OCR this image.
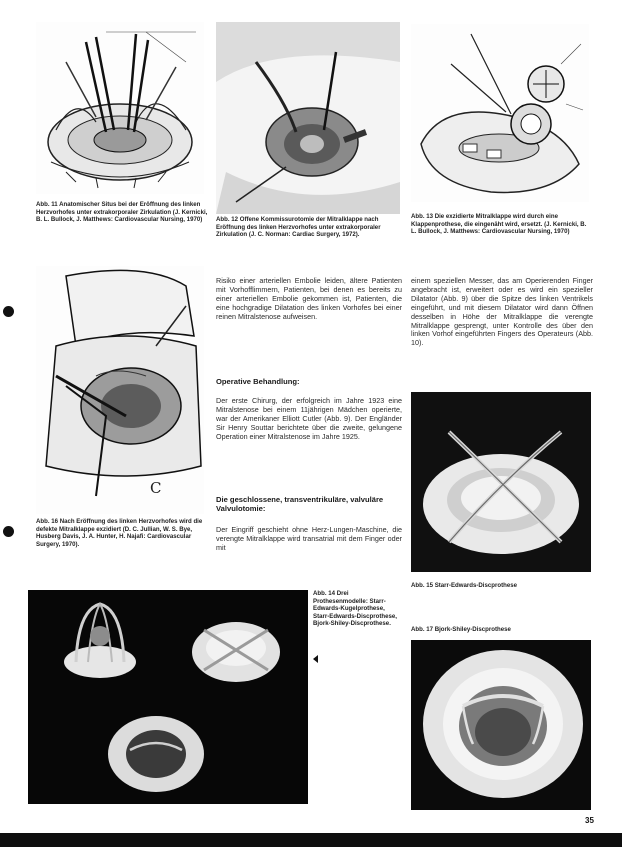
Abb. 11 Anatomischer Situs bei der Eröffnung des linken Herzvorhofes unter extrakorporaler Zirkulation (J. Kernicki, B. L. Bullock, J. Matthews: Cardiovascular Nursing, 1970)	Abb. 12 Offene Kommissurotomie der Mitralklappe nach Eröffnung des linken Herzvorhofes unter extrakorporaler Zirkulation (J. C. Norman: Cardiac Surgery, 1972).
Abb. 13 Die exzidierte Mitralklappe wird durch eine Klappenprothese, die eingenäht wird, ersetzt. (J. Kernicki, B. L. Bullock, J. Matthews: Cardiovascular Nursing, 1970)
C
Abb. 16 Nach Eröffnung des linken Herzvorhofes wird die defekte Mitralklappe exzidiert (D. C. Jullian, W. S. Bye, Husberg Davis, J. A. Hunter, H. Najafi: Cardiovascular Surgery, 1970).
Risiko einer arteriellen Embolie leiden, ältere Patienten mit Vorhofflimmern, Patienten, bei denen es bereits zu einer arteriellen Embolie gekommen ist, Patienten, die eine hochgradige Dilatation des linken Vorhofes bei einer reinen Mitralstenose aufweisen.
Operative Behandlung:
Der erste Chirurg, der erfolgreich im Jahre 1923 eine Mitralstenose bei einem 11jährigen Mädchen operierte, war der Amerikaner Elliott Cutler (Abb. 9). Der Engländer Sir Henry Souttar berichtete über die zweite, gelungene Operation einer Mitralstenose im Jahre 1925.
Die geschlossene, transventrikuläre, valvuläre Valvulotomie:
Der Eingriff geschieht ohne Herz-Lungen-Maschine, die verengte Mitralklappe wird transatrial mit dem Finger oder mit
einem speziellen Messer, das am Operierenden Finger angebracht ist, erweitert oder es wird ein spezieller Dilatator (Abb. 9) über die Spitze des linken Ventrikels eingeführt, und mit diesem Dilatator wird dann Öffnen desselben in Höhe der Mitralklappe die verengte Mitralklappe gesprengt, unter Kontrolle des über den linken Vorhof eingeführten Fingers des Operateurs (Abb. 10).
Abb. 15 Starr-Edwards-Discprothese
Abb. 14 Drei Prothesenmodelle: Starr-Edwards-Kugelprothese, Starr-Edwards-Discprothese, Bjork-Shiley-Discprothese.
Abb. 17 Bjork-Shiley-Discprothese
35
